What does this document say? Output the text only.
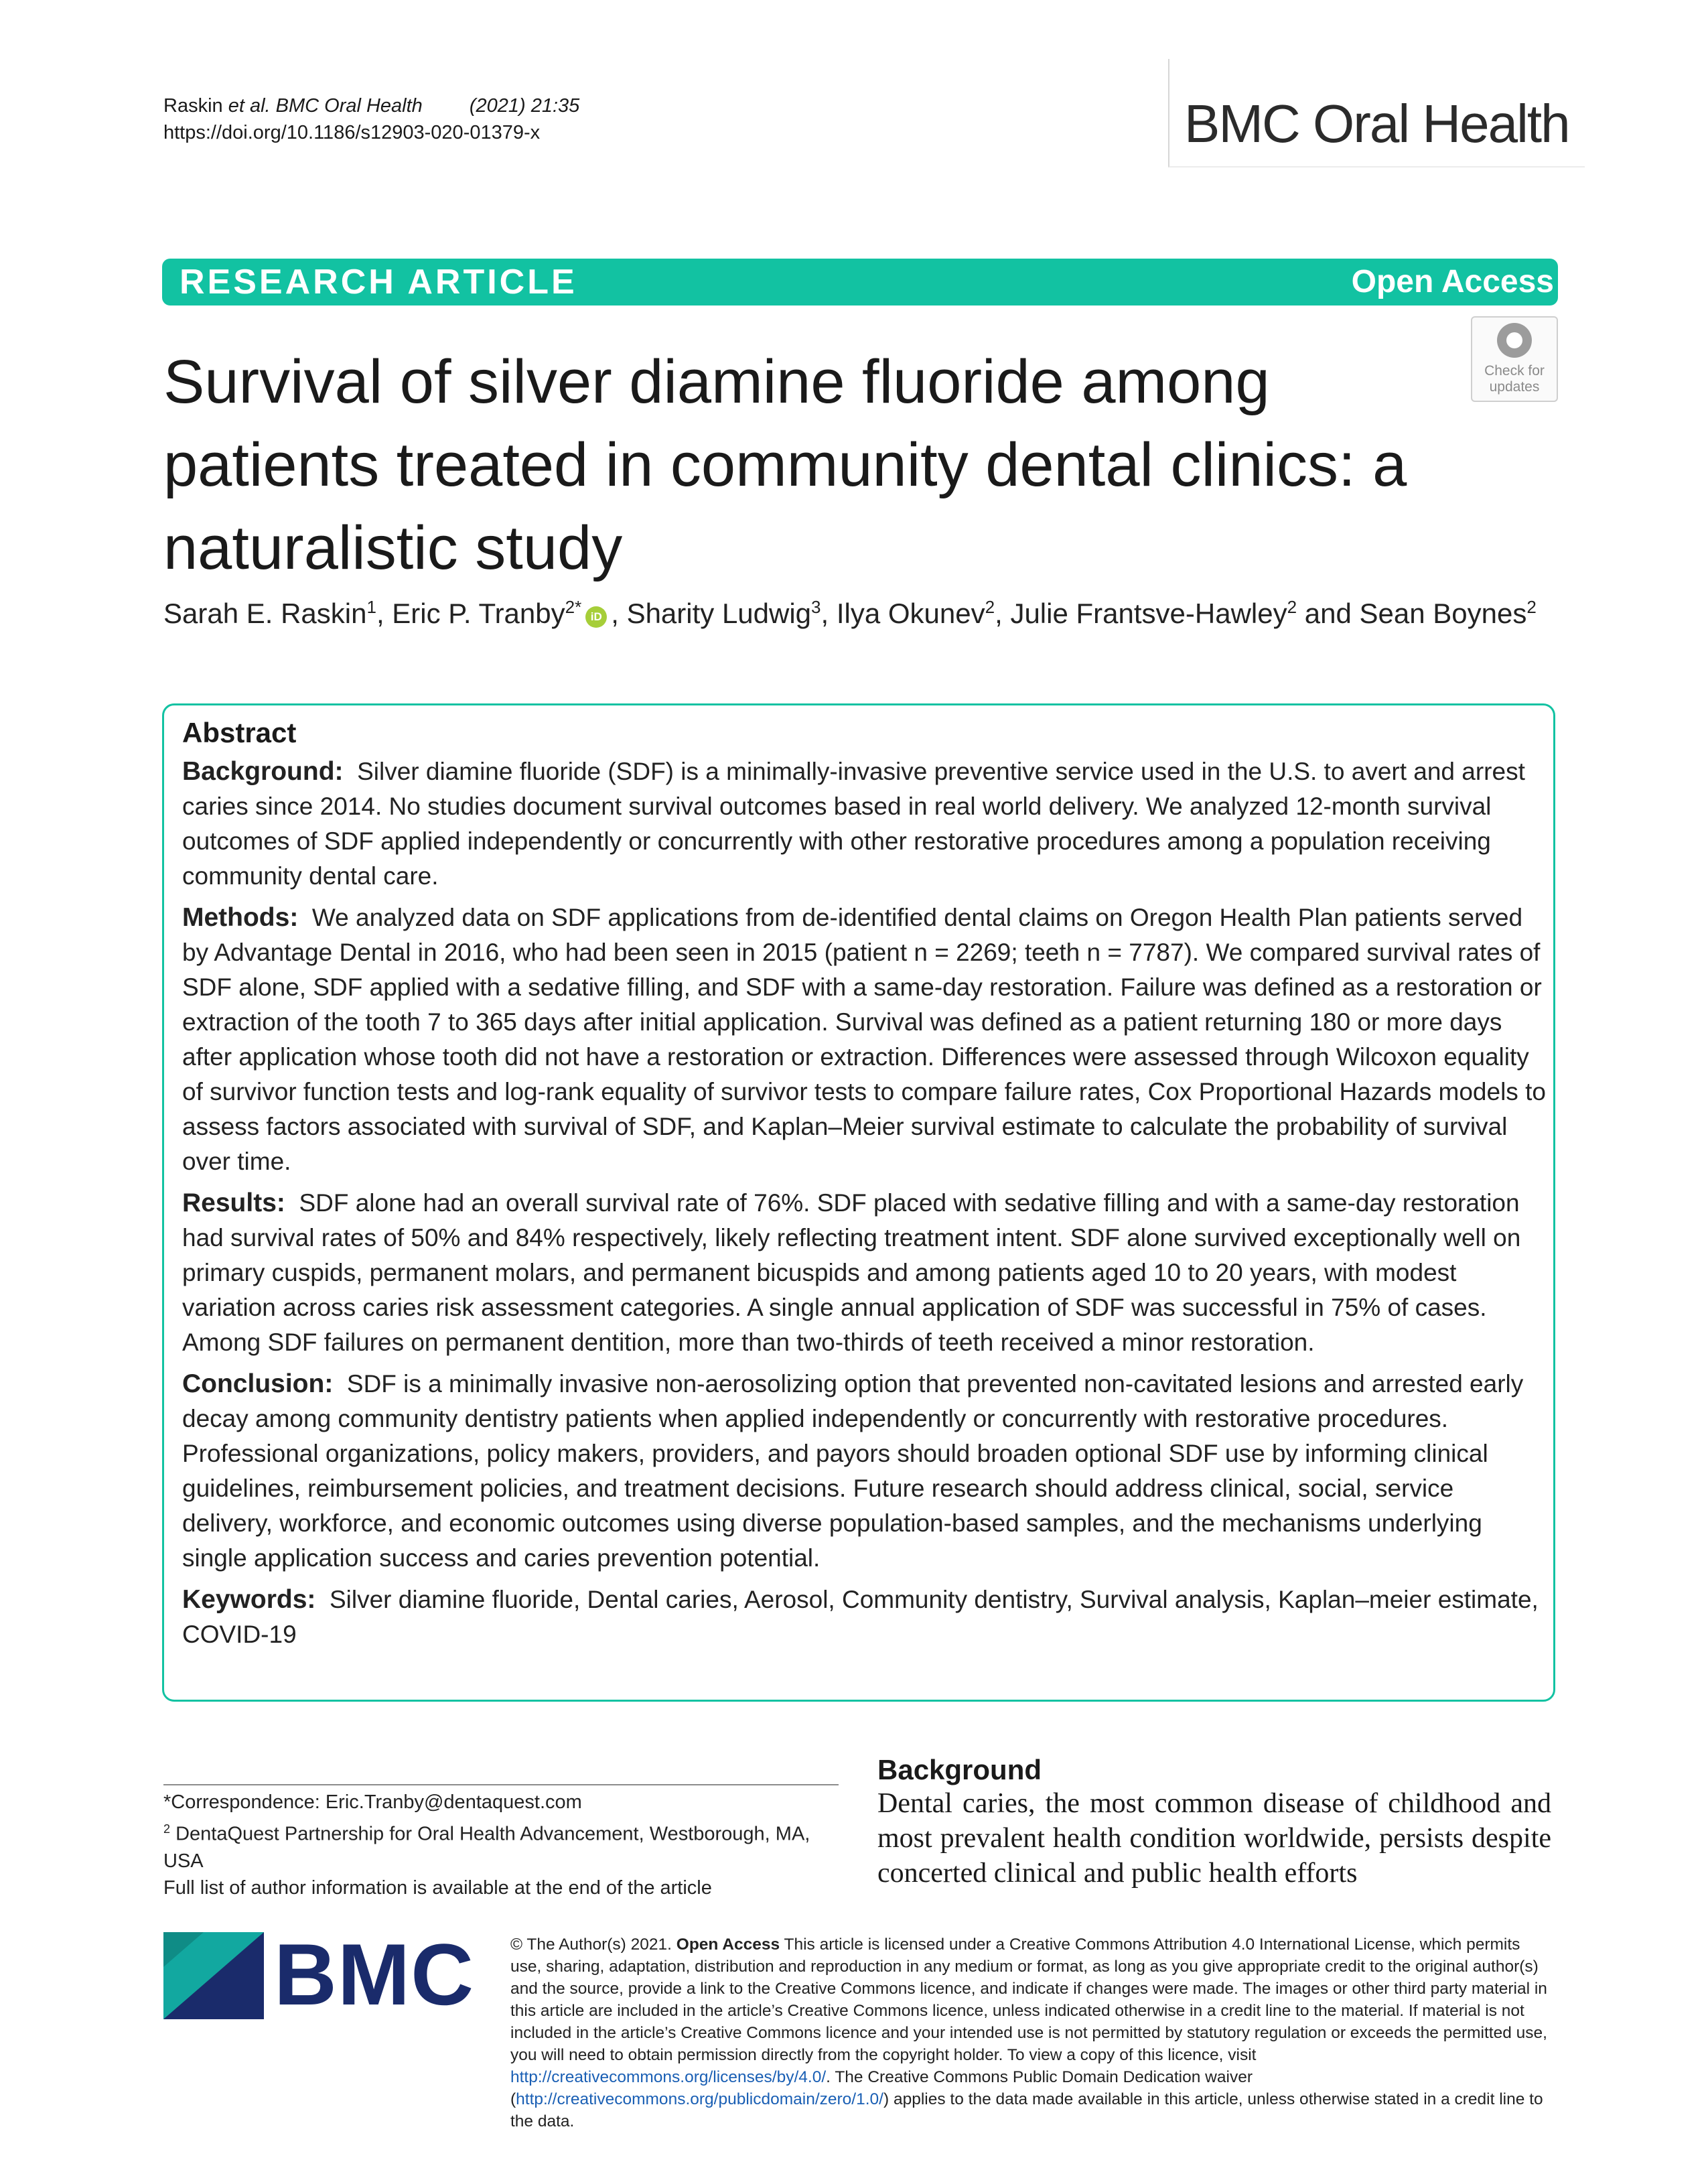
Raskin et al. BMC Oral Health (2021) 21:35
https://doi.org/10.1186/s12903-020-01379-x	BMC Oral Health
RESEARCH ARTICLE	Open Access
Check for
updates
Survival of silver diamine fluoride among patients treated in community dental clinics: a naturalistic study
Sarah E. Raskin$^1$, Eric P. Tranby$^{2*}$ iD , Sharity Ludwig$^3$, Ilya Okunev$^2$, Julie Frantsve‑Hawley$^2$ and Sean Boynes$^2$
Abstract

Background: Silver diamine fluoride (SDF) is a minimally-invasive preventive service used in the U.S. to avert and arrest caries since 2014. No studies document survival outcomes based in real world delivery. We analyzed 12-month survival outcomes of SDF applied independently or concurrently with other restorative procedures among a population receiving community dental care.

Methods: We analyzed data on SDF applications from de-identified dental claims on Oregon Health Plan patients served by Advantage Dental in 2016, who had been seen in 2015 (patient n = 2269; teeth n = 7787). We compared survival rates of SDF alone, SDF applied with a sedative filling, and SDF with a same-day restoration. Failure was defined as a restoration or extraction of the tooth 7 to 365 days after initial application. Survival was defined as a patient returning 180 or more days after application whose tooth did not have a restoration or extraction. Differences were assessed through Wilcoxon equality of survivor function tests and log-rank equality of survivor tests to compare failure rates, Cox Proportional Hazards models to assess factors associated with survival of SDF, and Kaplan–Meier survival estimate to calculate the probability of survival over time.

Results: SDF alone had an overall survival rate of 76%. SDF placed with sedative filling and with a same-day restoration had survival rates of 50% and 84% respectively, likely reflecting treatment intent. SDF alone survived exceptionally well on primary cuspids, permanent molars, and permanent bicuspids and among patients aged 10 to 20 years, with modest variation across caries risk assessment categories. A single annual application of SDF was successful in 75% of cases. Among SDF failures on permanent dentition, more than two-thirds of teeth received a minor restoration.

Conclusion: SDF is a minimally invasive non-aerosolizing option that prevented non-cavitated lesions and arrested early decay among community dentistry patients when applied independently or concurrently with restorative procedures. Professional organizations, policy makers, providers, and payors should broaden optional SDF use by informing clinical guidelines, reimbursement policies, and treatment decisions. Future research should address clinical, social, service delivery, workforce, and economic outcomes using diverse population-based samples, and the mechanisms underlying single application success and caries prevention potential.

Keywords: Silver diamine fluoride, Dental caries, Aerosol, Community dentistry, Survival analysis, Kaplan–meier estimate, COVID-19

*Correspondence: Eric.Tranby@dentaquest.com
$^2$ DentaQuest Partnership for Oral Health Advancement, Westborough, MA, USA
Full list of author information is available at the end of the article
Background
Dental caries, the most common disease of childhood and most prevalent health condition worldwide, persists despite concerted clinical and public health efforts
BMC © The Author(s) 2021. Open Access This article is licensed under a Creative Commons Attribution 4.0 International License, which permits use, sharing, adaptation, distribution and reproduction in any medium or format, as long as you give appropriate credit to the original author(s) and the source, provide a link to the Creative Commons licence, and indicate if changes were made. The images or other third party material in this article are included in the article’s Creative Commons licence, unless indicated otherwise in a credit line to the material. If material is not included in the article’s Creative Commons licence and your intended use is not permitted by statutory regulation or exceeds the permitted use, you will need to obtain permission directly from the copyright holder. To view a copy of this licence, visit http://creativecommons.org/licenses/by/4.0/. The Creative Commons Public Domain Dedication waiver (http://creativecommons.org/publicdomain/zero/1.0/) applies to the data made available in this article, unless otherwise stated in a credit line to the data.
